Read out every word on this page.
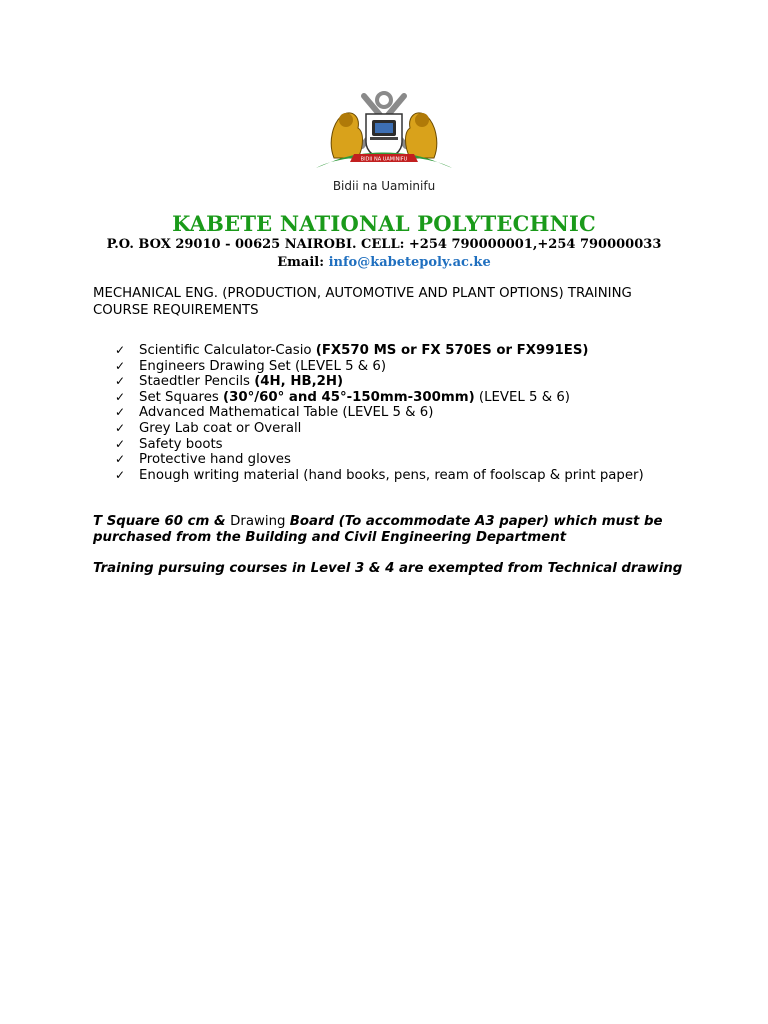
BIDII NA UAMINIFU
Bidii na Uaminifu
KABETE NATIONAL POLYTECHNIC
P.O. BOX 29010 - 00625 NAIROBI. CELL: +254 790000001,+254 790000033
Email: info@kabetepoly.ac.ke
MECHANICAL ENG. (PRODUCTION, AUTOMOTIVE AND PLANT OPTIONS) TRAINING
COURSE REQUIREMENTS
✓ Scientific Calculator-Casio (FX570 MS or FX 570ES or FX991ES)
✓ Engineers Drawing Set (LEVEL 5 & 6)
✓ Staedtler Pencils (4H, HB,2H)
✓ Set Squares (30°/60° and 45°-150mm-300mm) (LEVEL 5 & 6)
✓ Advanced Mathematical Table (LEVEL 5 & 6)
✓ Grey Lab coat or Overall
✓ Safety boots
✓ Protective hand gloves
✓ Enough writing material (hand books, pens, ream of foolscap & print paper)
T Square 60 cm & Drawing Board (To accommodate A3 paper) which must be purchased from the Building and Civil Engineering Department
Training pursuing courses in Level 3 & 4 are exempted from Technical drawing
